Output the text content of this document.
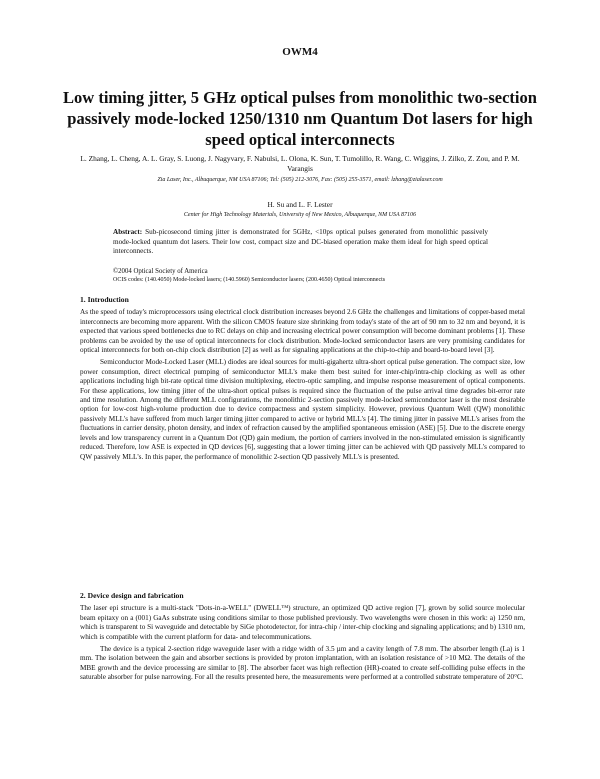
OWM4
Low timing jitter, 5 GHz optical pulses from monolithic two-section passively mode-locked 1250/1310 nm Quantum Dot lasers for high speed optical interconnects
L. Zhang, L. Cheng, A. L. Gray, S. Luong, J. Nagyvary, F. Nabulsi, L. Olona, K. Sun, T. Tumolillo, R. Wang, C. Wiggins, J. Zilko, Z. Zou, and P. M. Varangis
Zia Laser, Inc., Albuquerque, NM USA 87106; Tel: (505) 212-3076, Fax: (505) 255-3571, email: lzhang@zialaser.com
H. Su and L. F. Lester
Center for High Technology Materials, University of New Mexico, Albuquerque, NM USA 87106
Abstract: Sub-picosecond timing jitter is demonstrated for 5GHz, <10ps optical pulses generated from monolithic passively mode-locked quantum dot lasers. Their low cost, compact size and DC-biased operation make them ideal for high speed optical interconnects.
©2004 Optical Society of America
OCIS codes: (140.4050) Mode-locked lasers; (140.5960) Semiconductor lasers; (200.4650) Optical interconnects
1. Introduction

As the speed of today's microprocessors using electrical clock distribution increases beyond 2.6 GHz the challenges and limitations of copper-based metal interconnects are becoming more apparent. With the silicon CMOS feature size shrinking from today's state of the art of 90 nm to 32 nm and beyond, it is expected that various speed bottlenecks due to RC delays on chip and increasing electrical power consumption will become dominant problems [1]. These problems can be avoided by the use of optical interconnects for clock distribution. Mode-locked semiconductor lasers are very promising candidates for optical interconnects for both on-chip clock distribution [2] as well as for signaling applications at the chip-to-chip and board-to-board level [3].

Semiconductor Mode-Locked Laser (MLL) diodes are ideal sources for multi-gigahertz ultra-short optical pulse generation. The compact size, low power consumption, direct electrical pumping of semiconductor MLL's make them best suited for inter-chip/intra-chip clocking as well as other applications including high bit-rate optical time division multiplexing, electro-optic sampling, and impulse response measurement of optical components. For these applications, low timing jitter of the ultra-short optical pulses is required since the fluctuation of the pulse arrival time degrades bit-error rate and time resolution. Among the different MLL configurations, the monolithic 2-section passively mode-locked semiconductor laser is the most desirable option for low-cost high-volume production due to device compactness and system simplicity. However, previous Quantum Well (QW) monolithic passively MLL's have suffered from much larger timing jitter compared to active or hybrid MLL's [4]. The timing jitter in passive MLL's arises from the fluctuations in carrier density, photon density, and index of refraction caused by the amplified spontaneous emission (ASE) [5]. Due to the discrete energy levels and low transparency current in a Quantum Dot (QD) gain medium, the portion of carriers involved in the non-stimulated emission is significantly reduced. Therefore, low ASE is expected in QD devices [6], suggesting that a lower timing jitter can be achieved with QD passively MLL's compared to QW passively MLL's. In this paper, the performance of monolithic 2-section QD passively MLL's is presented.

2. Device design and fabrication

The laser epi structure is a multi-stack "Dots-in-a-WELL" (DWELL™) structure, an optimized QD active region [7], grown by solid source molecular beam epitaxy on a (001) GaAs substrate using conditions similar to those published previously. Two wavelengths were chosen in this work: a) 1250 nm, which is transparent to Si waveguide and detectable by SiGe photodetector, for intra-chip / inter-chip clocking and signaling applications; and b) 1310 nm, which is compatible with the current platform for data- and telecommunications.

The device is a typical 2-section ridge waveguide laser with a ridge width of 3.5 µm and a cavity length of 7.8 mm. The absorber length (La) is 1 mm. The isolation between the gain and absorber sections is provided by proton implantation, with an isolation resistance of >10 MΩ. The details of the MBE growth and the device processing are similar to [8]. The absorber facet was high reflection (HR)-coated to create self-colliding pulse effects in the saturable absorber for pulse narrowing. For all the results presented here, the measurements were performed at a controlled substrate temperature of 20°C.
